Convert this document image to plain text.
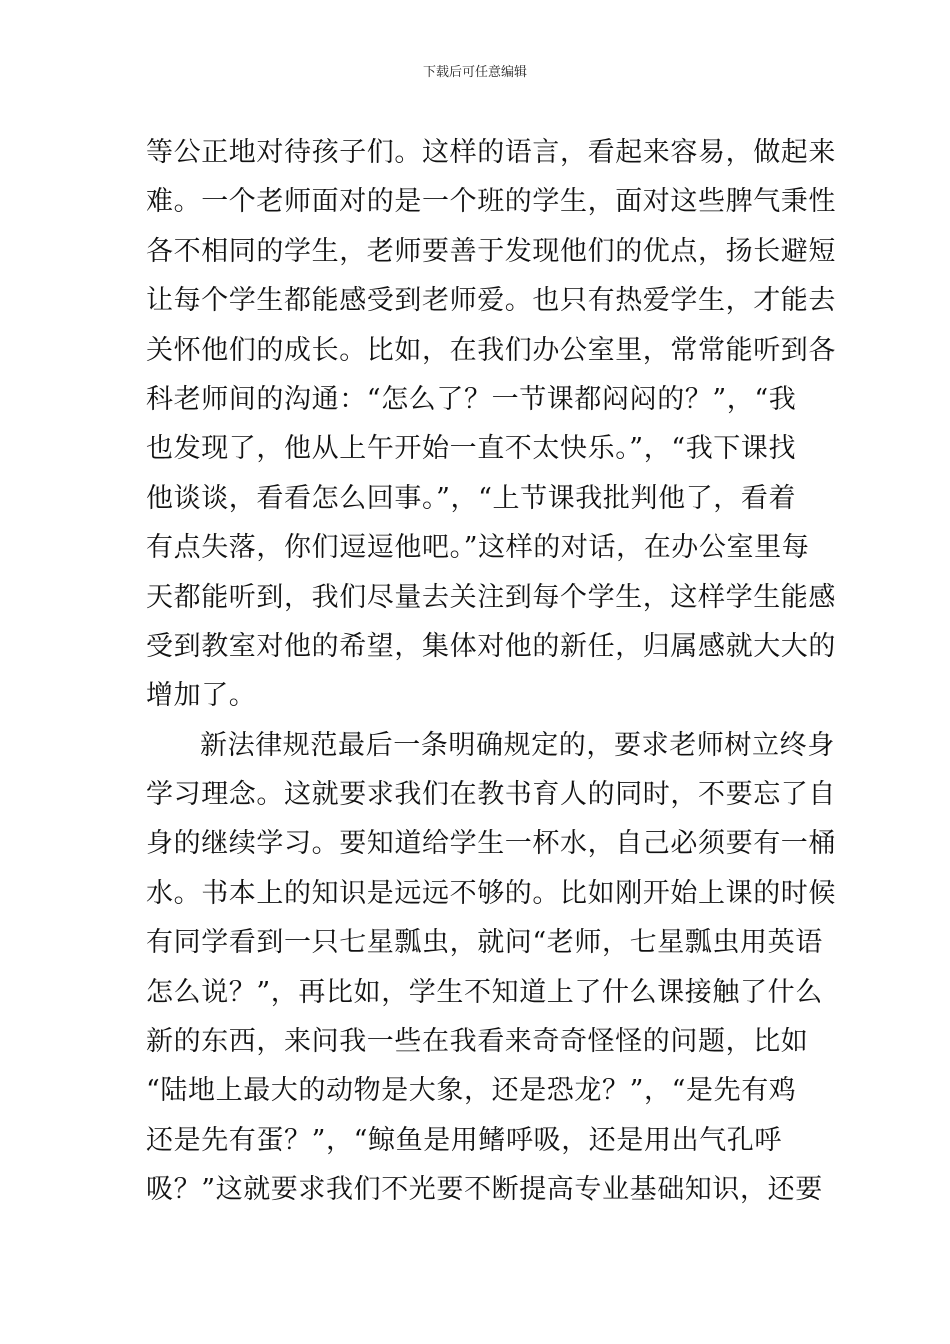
下载后可任意编辑
等公正地对待孩子们。这样的语言，看起来容易，做起来
难。一个老师面对的是一个班的学生，面对这些脾气秉性
各不相同的学生，老师要善于发现他们的优点，扬长避短
让每个学生都能感受到老师爱。也只有热爱学生，才能去
关怀他们的成长。比如，在我们办公室里，常常能听到各
科老师间的沟通：“怎么了？一节课都闷闷的？”，“我
也发现了，他从上午开始一直不太快乐。”，“我下课找
他谈谈，看看怎么回事。”，“上节课我批判他了，看着
有点失落，你们逗逗他吧。”这样的对话，在办公室里每
天都能听到，我们尽量去关注到每个学生，这样学生能感
受到教室对他的希望，集体对他的新任，归属感就大大的
增加了。
新法律规范最后一条明确规定的，要求老师树立终身
学习理念。这就要求我们在教书育人的同时，不要忘了自
身的继续学习。要知道给学生一杯水，自己必须要有一桶
水。书本上的知识是远远不够的。比如刚开始上课的时候
有同学看到一只七星瓢虫，就问“老师，七星瓢虫用英语
怎么说？”，再比如，学生不知道上了什么课接触了什么
新的东西，来问我一些在我看来奇奇怪怪的问题，比如
“陆地上最大的动物是大象，还是恐龙？”，“是先有鸡
还是先有蛋？”，“鲸鱼是用鳍呼吸，还是用出气孔呼
吸？”这就要求我们不光要不断提高专业基础知识，还要
